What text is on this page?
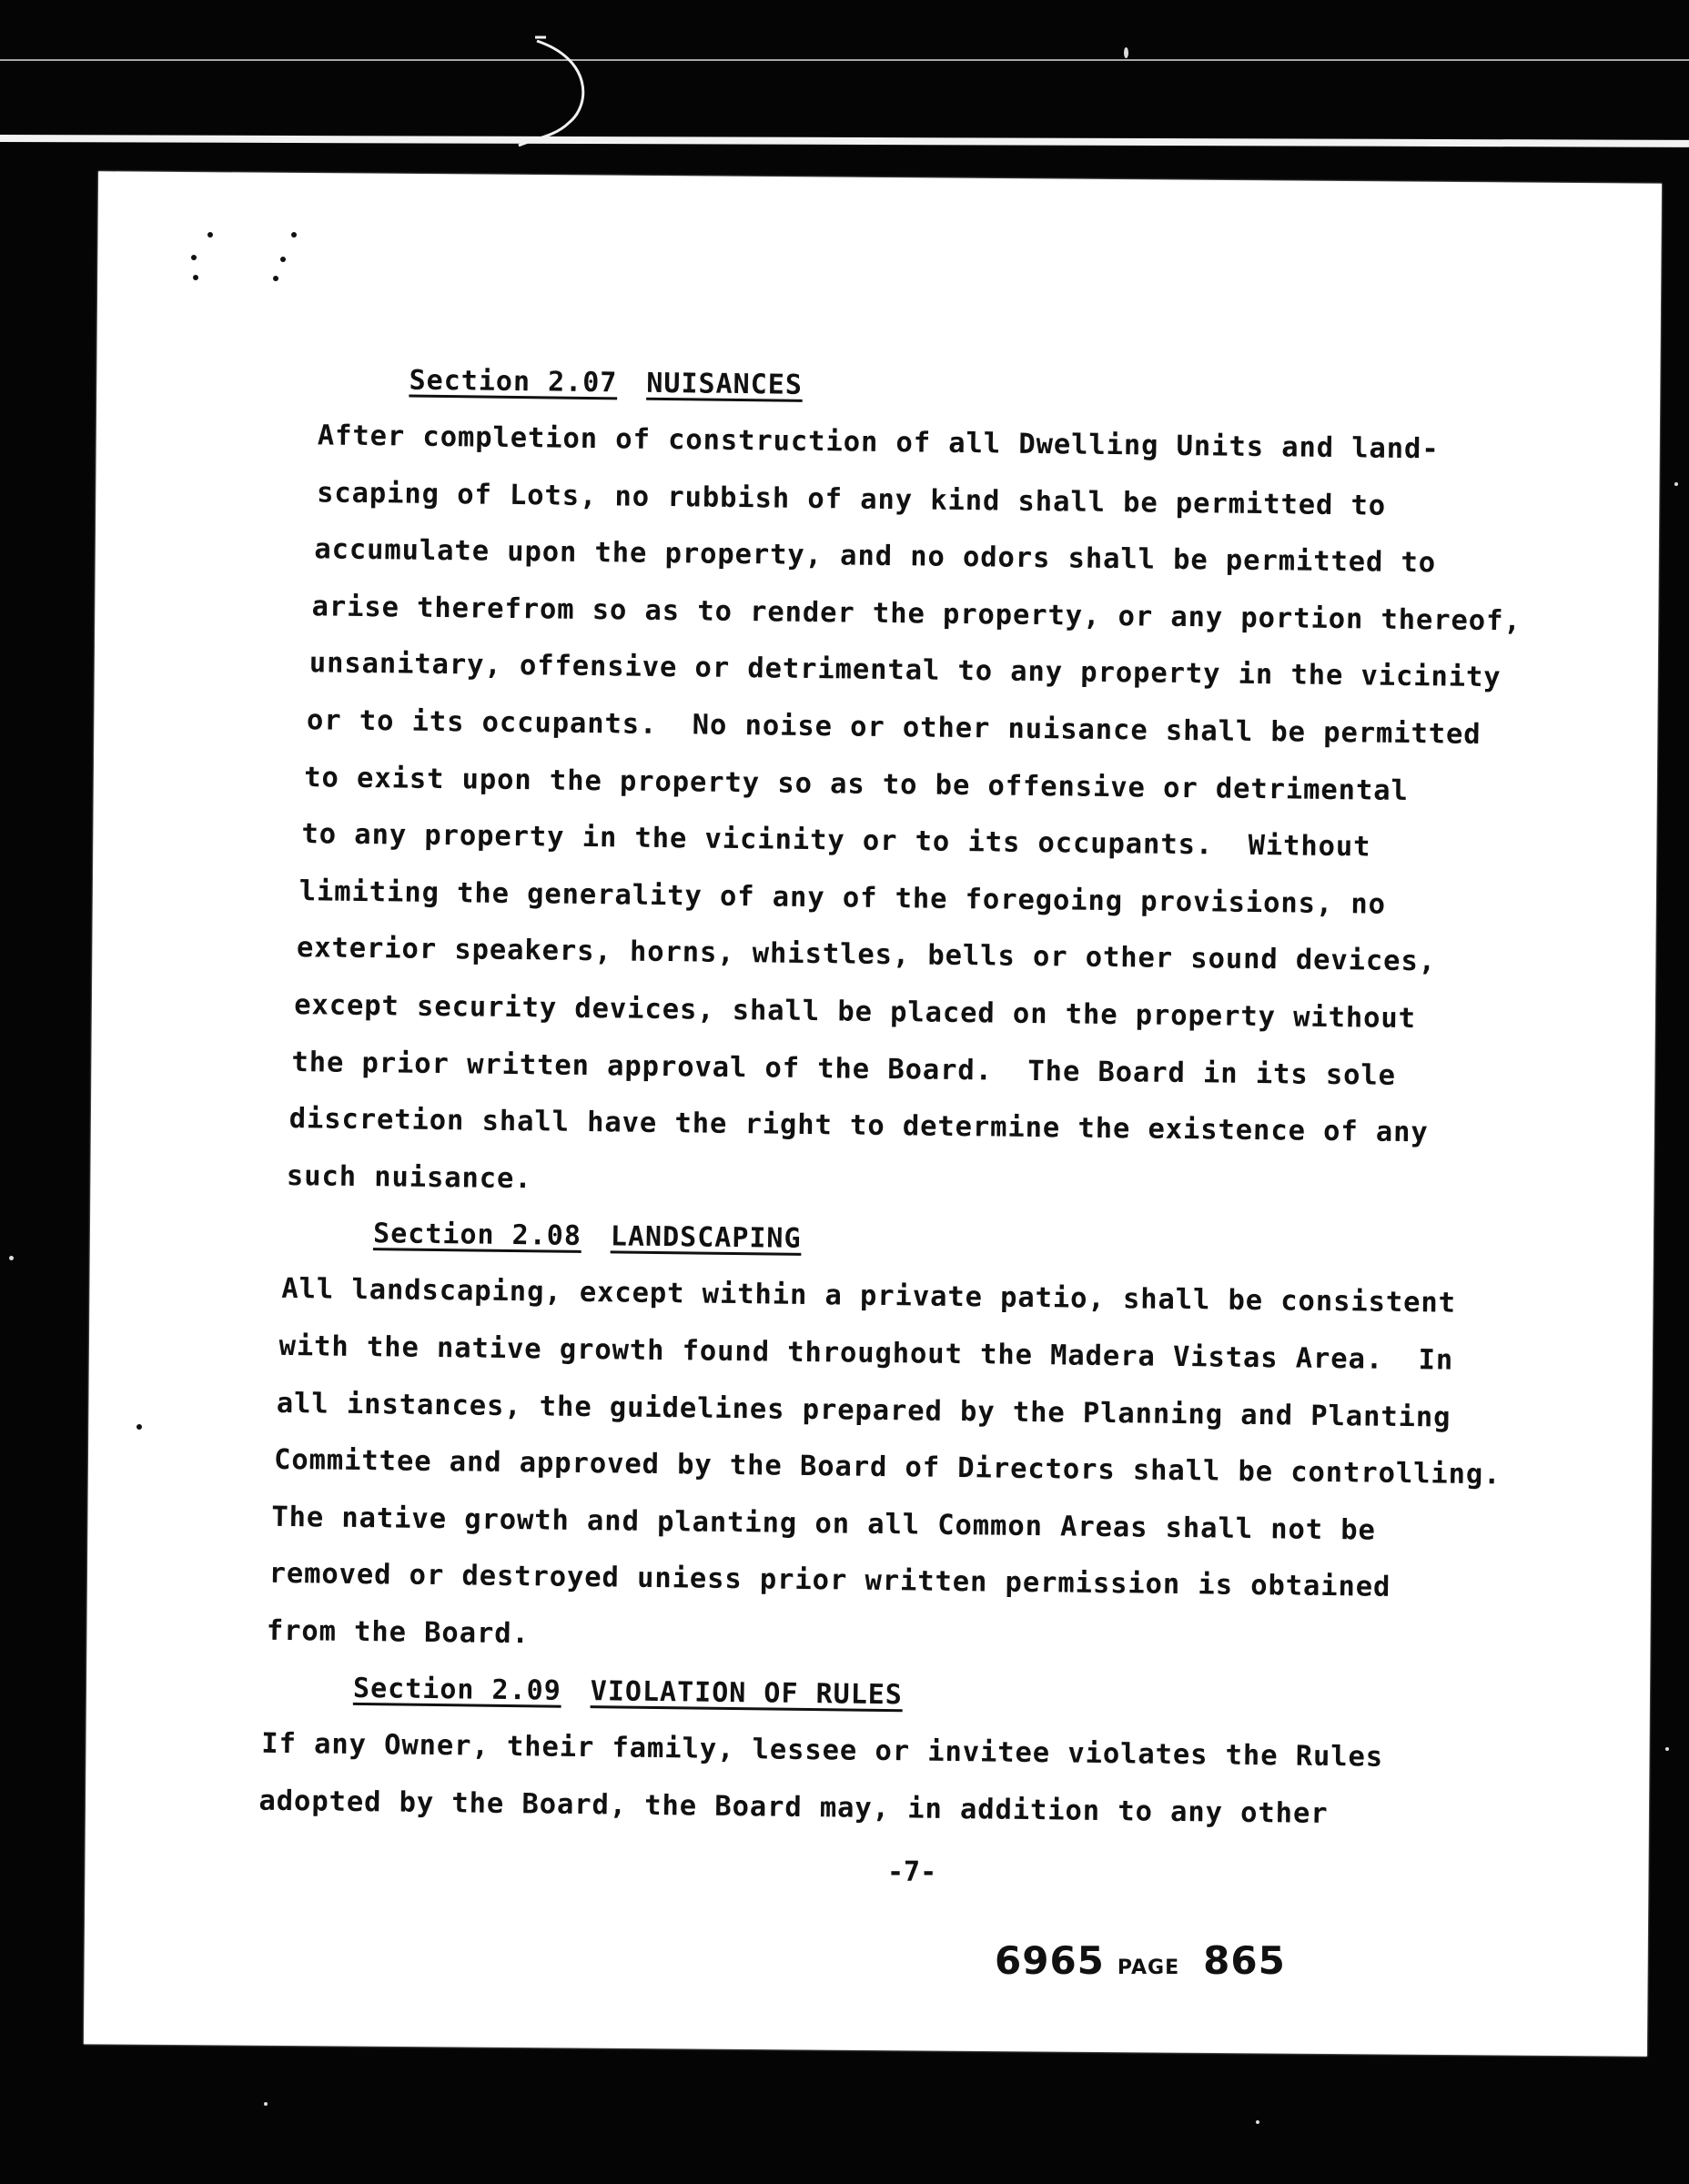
Section 2.07 NUISANCES
After completion of construction of all Dwelling Units and land-
scaping of Lots, no rubbish of any kind shall be permitted to
accumulate upon the property, and no odors shall be permitted to
arise therefrom so as to render the property, or any portion thereof,
unsanitary, offensive or detrimental to any property in the vicinity
or to its occupants.  No noise or other nuisance shall be permitted
to exist upon the property so as to be offensive or detrimental
to any property in the vicinity or to its occupants.  Without
limiting the generality of any of the foregoing provisions, no
exterior speakers, horns, whistles, bells or other sound devices,
except security devices, shall be placed on the property without
the prior written approval of the Board.  The Board in its sole
discretion shall have the right to determine the existence of any
such nuisance.
Section 2.08 LANDSCAPING
All landscaping, except within a private patio, shall be consistent
with the native growth found throughout the Madera Vistas Area.  In
all instances, the guidelines prepared by the Planning and Planting
Committee and approved by the Board of Directors shall be controlling.
The native growth and planting on all Common Areas shall not be
removed or destroyed uniess prior written permission is obtained
from the Board.
Section 2.09 VIOLATION OF RULES
If any Owner, their family, lessee or invitee violates the Rules
adopted by the Board, the Board may, in addition to any other
-7-
6965 PAGE 865
